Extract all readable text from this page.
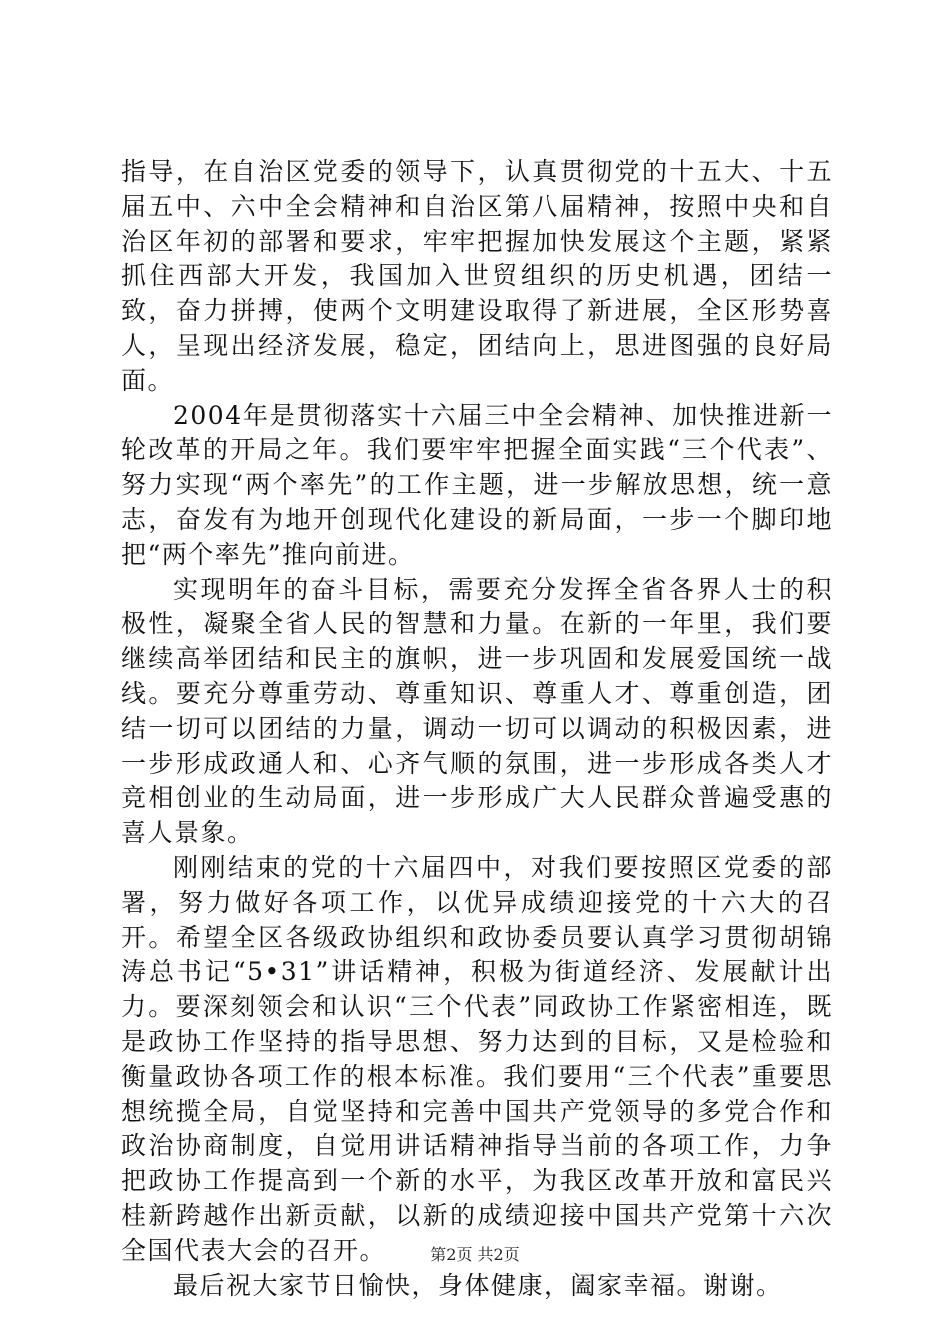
指导，在自治区党委的领导下，认真贯彻党的十五大、十五届五中、六中全会精神和自治区第八届精神，按照中央和自治区年初的部署和要求，牢牢把握加快发展这个主题，紧紧抓住西部大开发，我国加入世贸组织的历史机遇，团结一致，奋力拼搏，使两个文明建设取得了新进展，全区形势喜人，呈现出经济发展，稳定，团结向上，思进图强的良好局面。

2004年是贯彻落实十六届三中全会精神、加快推进新一轮改革的开局之年。我们要牢牢把握全面实践“三个代表”、努力实现“两个率先”的工作主题，进一步解放思想，统一意志，奋发有为地开创现代化建设的新局面，一步一个脚印地把“两个率先”推向前进。

实现明年的奋斗目标，需要充分发挥全省各界人士的积极性，凝聚全省人民的智慧和力量。在新的一年里，我们要继续高举团结和民主的旗帜，进一步巩固和发展爱国统一战线。要充分尊重劳动、尊重知识、尊重人才、尊重创造，团结一切可以团结的力量，调动一切可以调动的积极因素，进一步形成政通人和、心齐气顺的氛围，进一步形成各类人才竞相创业的生动局面，进一步形成广大人民群众普遍受惠的喜人景象。

刚刚结束的党的十六届四中，对我们要按照区党委的部署，努力做好各项工作，以优异成绩迎接党的十六大的召开。希望全区各级政协组织和政协委员要认真学习贯彻胡锦涛总书记“5•31”讲话精神，积极为街道经济、发展献计出力。要深刻领会和认识“三个代表”同政协工作紧密相连，既是政协工作坚持的指导思想、努力达到的目标，又是检验和衡量政协各项工作的根本标准。我们要用“三个代表”重要思想统揽全局，自觉坚持和完善中国共产党领导的多党合作和政治协商制度，自觉用讲话精神指导当前的各项工作，力争把政协工作提高到一个新的水平，为我区改革开放和富民兴桂新跨越作出新贡献，以新的成绩迎接中国共产党第十六次全国代表大会的召开。

最后祝大家节日愉快，身体健康，阖家幸福。谢谢。

第2页 共2页
